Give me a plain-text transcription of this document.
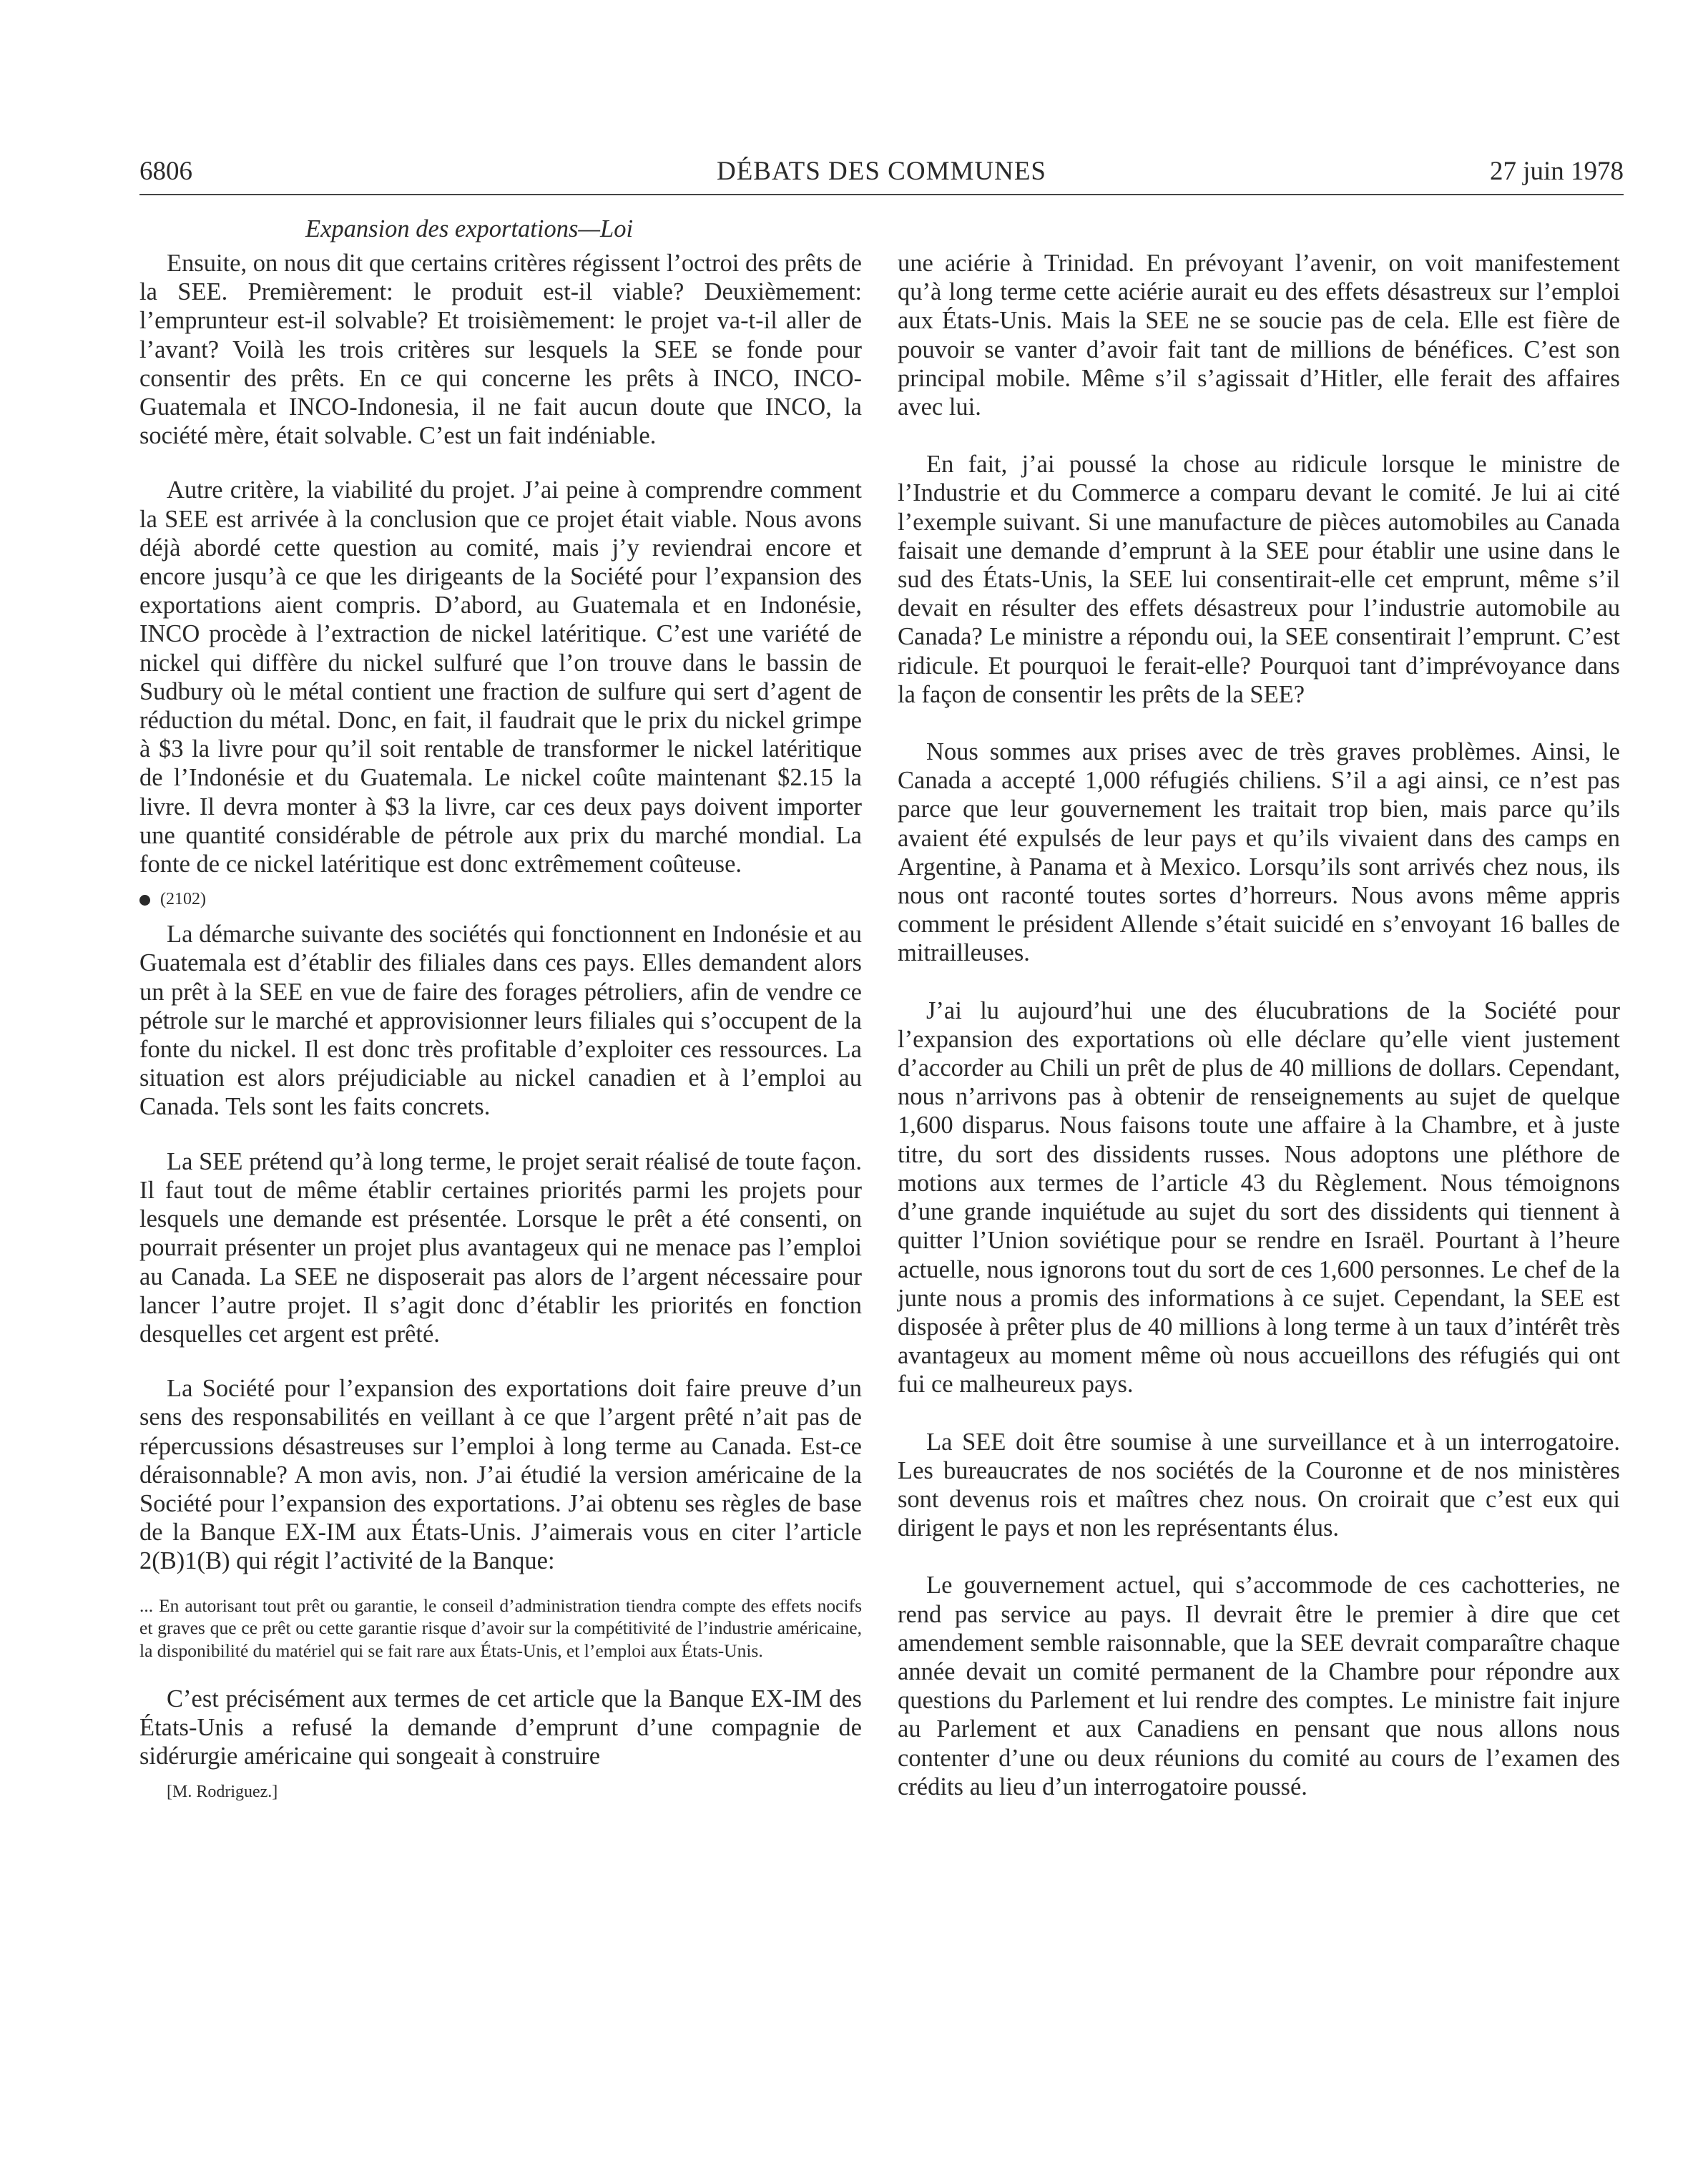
6806	DÉBATS DES COMMUNES	27 juin 1978
Expansion des exportations—Loi

Ensuite, on nous dit que certains critères régissent l’octroi des prêts de la SEE. Premièrement: le produit est-il viable? Deuxièmement: l’emprunteur est-il solvable? Et troisièmement: le projet va-t-il aller de l’avant? Voilà les trois critères sur lesquels la SEE se fonde pour consentir des prêts. En ce qui concerne les prêts à INCO, INCO-Guatemala et INCO-Indonesia, il ne fait aucun doute que INCO, la société mère, était solvable. C’est un fait indéniable.

Autre critère, la viabilité du projet. J’ai peine à comprendre comment la SEE est arrivée à la conclusion que ce projet était viable. Nous avons déjà abordé cette question au comité, mais j’y reviendrai encore et encore jusqu’à ce que les dirigeants de la Société pour l’expansion des exportations aient compris. D’abord, au Guatemala et en Indonésie, INCO procède à l’extraction de nickel latéritique. C’est une variété de nickel qui diffère du nickel sulfuré que l’on trouve dans le bassin de Sudbury où le métal contient une fraction de sulfure qui sert d’agent de réduction du métal. Donc, en fait, il faudrait que le prix du nickel grimpe à $3 la livre pour qu’il soit rentable de transformer le nickel latéritique de l’Indonésie et du Guatemala. Le nickel coûte maintenant $2.15 la livre. Il devra monter à $3 la livre, car ces deux pays doivent importer une quantité considérable de pétrole aux prix du marché mondial. La fonte de ce nickel latéritique est donc extrêmement coûteuse.

(2102)

La démarche suivante des sociétés qui fonctionnent en Indonésie et au Guatemala est d’établir des filiales dans ces pays. Elles demandent alors un prêt à la SEE en vue de faire des forages pétroliers, afin de vendre ce pétrole sur le marché et approvisionner leurs filiales qui s’occupent de la fonte du nickel. Il est donc très profitable d’exploiter ces ressources. La situation est alors préjudiciable au nickel canadien et à l’emploi au Canada. Tels sont les faits concrets.

La SEE prétend qu’à long terme, le projet serait réalisé de toute façon. Il faut tout de même établir certaines priorités parmi les projets pour lesquels une demande est présentée. Lorsque le prêt a été consenti, on pourrait présenter un projet plus avantageux qui ne menace pas l’emploi au Canada. La SEE ne disposerait pas alors de l’argent nécessaire pour lancer l’autre projet. Il s’agit donc d’établir les priorités en fonction desquelles cet argent est prêté.

La Société pour l’expansion des exportations doit faire preuve d’un sens des responsabilités en veillant à ce que l’argent prêté n’ait pas de répercussions désastreuses sur l’emploi à long terme au Canada. Est-ce déraisonnable? A mon avis, non. J’ai étudié la version américaine de la Société pour l’expansion des exportations. J’ai obtenu ses règles de base de la Banque EX-IM aux États-Unis. J’aimerais vous en citer l’article 2(B)1(B) qui régit l’activité de la Banque:

... En autorisant tout prêt ou garantie, le conseil d’administration tiendra compte des effets nocifs et graves que ce prêt ou cette garantie risque d’avoir sur la compétitivité de l’industrie américaine, la disponibilité du matériel qui se fait rare aux États-Unis, et l’emploi aux États-Unis.

C’est précisément aux termes de cet article que la Banque EX-IM des États-Unis a refusé la demande d’emprunt d’une compagnie de sidérurgie américaine qui songeait à construire

[M. Rodriguez.]

une aciérie à Trinidad. En prévoyant l’avenir, on voit manifestement qu’à long terme cette aciérie aurait eu des effets désastreux sur l’emploi aux États-Unis. Mais la SEE ne se soucie pas de cela. Elle est fière de pouvoir se vanter d’avoir fait tant de millions de bénéfices. C’est son principal mobile. Même s’il s’agissait d’Hitler, elle ferait des affaires avec lui.

En fait, j’ai poussé la chose au ridicule lorsque le ministre de l’Industrie et du Commerce a comparu devant le comité. Je lui ai cité l’exemple suivant. Si une manufacture de pièces automobiles au Canada faisait une demande d’emprunt à la SEE pour établir une usine dans le sud des États-Unis, la SEE lui consentirait-elle cet emprunt, même s’il devait en résulter des effets désastreux pour l’industrie automobile au Canada? Le ministre a répondu oui, la SEE consentirait l’emprunt. C’est ridicule. Et pourquoi le ferait-elle? Pourquoi tant d’imprévoyance dans la façon de consentir les prêts de la SEE?

Nous sommes aux prises avec de très graves problèmes. Ainsi, le Canada a accepté 1,000 réfugiés chiliens. S’il a agi ainsi, ce n’est pas parce que leur gouvernement les traitait trop bien, mais parce qu’ils avaient été expulsés de leur pays et qu’ils vivaient dans des camps en Argentine, à Panama et à Mexico. Lorsqu’ils sont arrivés chez nous, ils nous ont raconté toutes sortes d’horreurs. Nous avons même appris comment le président Allende s’était suicidé en s’envoyant 16 balles de mitrailleuses.

J’ai lu aujourd’hui une des élucubrations de la Société pour l’expansion des exportations où elle déclare qu’elle vient justement d’accorder au Chili un prêt de plus de 40 millions de dollars. Cependant, nous n’arrivons pas à obtenir de renseignements au sujet de quelque 1,600 disparus. Nous faisons toute une affaire à la Chambre, et à juste titre, du sort des dissidents russes. Nous adoptons une pléthore de motions aux termes de l’article 43 du Règlement. Nous témoignons d’une grande inquiétude au sujet du sort des dissidents qui tiennent à quitter l’Union soviétique pour se rendre en Israël. Pourtant à l’heure actuelle, nous ignorons tout du sort de ces 1,600 personnes. Le chef de la junte nous a promis des informations à ce sujet. Cependant, la SEE est disposée à prêter plus de 40 millions à long terme à un taux d’intérêt très avantageux au moment même où nous accueillons des réfugiés qui ont fui ce malheureux pays.

La SEE doit être soumise à une surveillance et à un interrogatoire. Les bureaucrates de nos sociétés de la Couronne et de nos ministères sont devenus rois et maîtres chez nous. On croirait que c’est eux qui dirigent le pays et non les représentants élus.

Le gouvernement actuel, qui s’accommode de ces cachotteries, ne rend pas service au pays. Il devrait être le premier à dire que cet amendement semble raisonnable, que la SEE devrait comparaître chaque année devait un comité permanent de la Chambre pour répondre aux questions du Parlement et lui rendre des comptes. Le ministre fait injure au Parlement et aux Canadiens en pensant que nous allons nous contenter d’une ou deux réunions du comité au cours de l’examen des crédits au lieu d’un interrogatoire poussé.
